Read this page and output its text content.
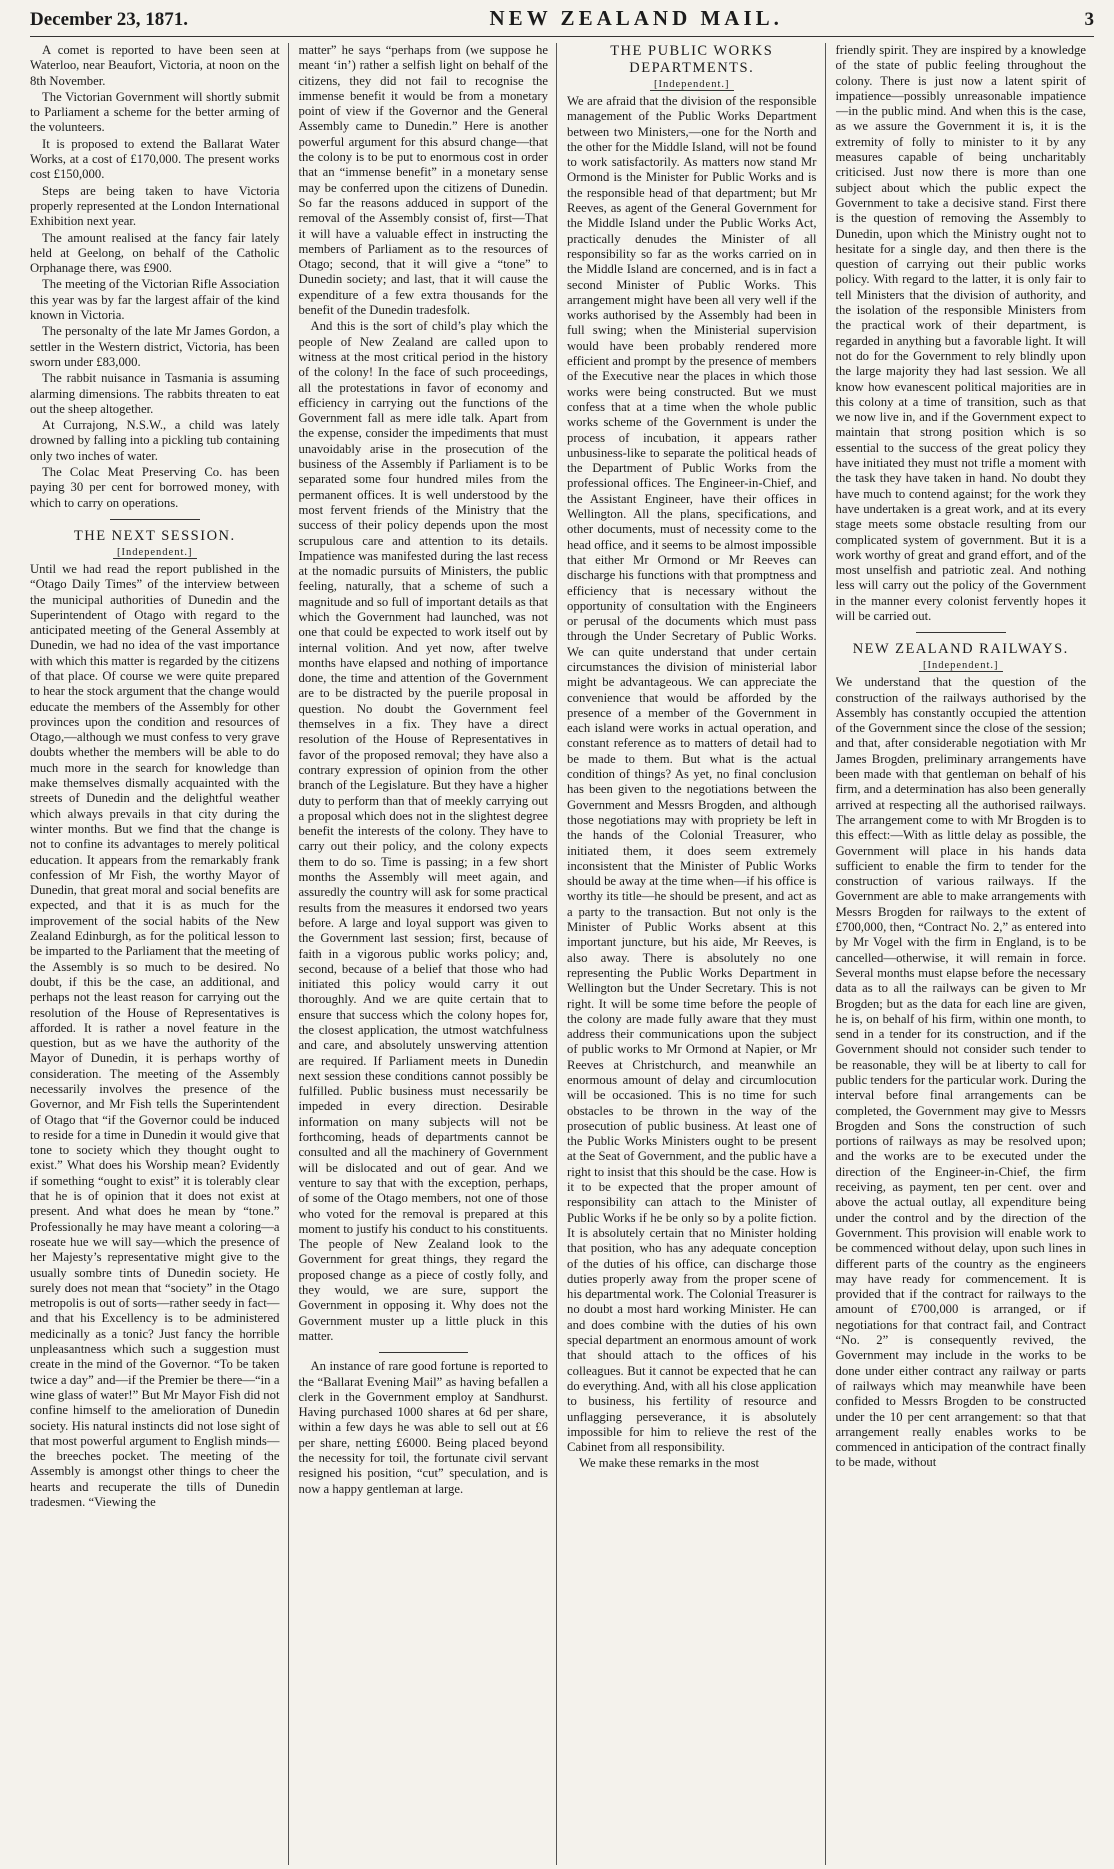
December 23, 1871.	NEW ZEALAND MAIL.	3

A comet is reported to have been seen at Waterloo, near Beaufort, Victoria, at noon on the 8th November.

The Victorian Government will shortly submit to Parliament a scheme for the better arming of the volunteers.

It is proposed to extend the Ballarat Water Works, at a cost of £170,000. The present works cost £150,000.

Steps are being taken to have Victoria properly represented at the London International Exhibition next year.

The amount realised at the fancy fair lately held at Geelong, on behalf of the Catholic Orphanage there, was £900.

The meeting of the Victorian Rifle Association this year was by far the largest affair of the kind known in Victoria.

The personalty of the late Mr James Gordon, a settler in the Western district, Victoria, has been sworn under £83,000.

The rabbit nuisance in Tasmania is assuming alarming dimensions. The rabbits threaten to eat out the sheep altogether.

At Currajong, N.S.W., a child was lately drowned by falling into a pickling tub containing only two inches of water.

The Colac Meat Preserving Co. has been paying 30 per cent for borrowed money, with which to carry on operations.

THE NEXT SESSION.
[Independent.]

Until we had read the report published in the “Otago Daily Times” of the interview between the municipal authorities of Dunedin and the Superintendent of Otago with regard to the anticipated meeting of the General Assembly at Dunedin, we had no idea of the vast importance with which this matter is regarded by the citizens of that place. Of course we were quite prepared to hear the stock argument that the change would educate the members of the Assembly for other provinces upon the condition and resources of Otago,—although we must confess to very grave doubts whether the members will be able to do much more in the search for knowledge than make themselves dismally acquainted with the streets of Dunedin and the delightful weather which always prevails in that city during the winter months. But we find that the change is not to confine its advantages to merely political education. It appears from the remarkably frank confession of Mr Fish, the worthy Mayor of Dunedin, that great moral and social benefits are expected, and that it is as much for the improvement of the social habits of the New Zealand Edinburgh, as for the political lesson to be imparted to the Parliament that the meeting of the Assembly is so much to be desired. No doubt, if this be the case, an additional, and perhaps not the least reason for carrying out the resolution of the House of Representatives is afforded. It is rather a novel feature in the question, but as we have the authority of the Mayor of Dunedin, it is perhaps worthy of consideration. The meeting of the Assembly necessarily involves the presence of the Governor, and Mr Fish tells the Superintendent of Otago that “if the Governor could be induced to reside for a time in Dunedin it would give that tone to society which they thought ought to exist.” What does his Worship mean? Evidently if something “ought to exist” it is tolerably clear that he is of opinion that it does not exist at present. And what does he mean by “tone.” Professionally he may have meant a coloring—a roseate hue we will say—which the presence of her Majesty’s representative might give to the usually sombre tints of Dunedin society. He surely does not mean that “society” in the Otago metropolis is out of sorts—rather seedy in fact—and that his Excellency is to be administered medicinally as a tonic? Just fancy the horrible unpleasantness which such a suggestion must create in the mind of the Governor. “To be taken twice a day” and—if the Premier be there—“in a wine glass of water!” But Mr Mayor Fish did not confine himself to the amelioration of Dunedin society. His natural instincts did not lose sight of that most powerful argument to English minds—the breeches pocket. The meeting of the Assembly is amongst other things to cheer the hearts and recuperate the tills of Dunedin tradesmen. “Viewing the

matter” he says “perhaps from (we suppose he meant ‘in’) rather a selfish light on behalf of the citizens, they did not fail to recognise the immense benefit it would be from a monetary point of view if the Governor and the General Assembly came to Dunedin.” Here is another powerful argument for this absurd change—that the colony is to be put to enormous cost in order that an “immense benefit” in a monetary sense may be conferred upon the citizens of Dunedin. So far the reasons adduced in support of the removal of the Assembly consist of, first—That it will have a valuable effect in instructing the members of Parliament as to the resources of Otago; second, that it will give a “tone” to Dunedin society; and last, that it will cause the expenditure of a few extra thousands for the benefit of the Dunedin tradesfolk.

And this is the sort of child’s play which the people of New Zealand are called upon to witness at the most critical period in the history of the colony! In the face of such proceedings, all the protestations in favor of economy and efficiency in carrying out the functions of the Government fall as mere idle talk. Apart from the expense, consider the impediments that must unavoidably arise in the prosecution of the business of the Assembly if Parliament is to be separated some four hundred miles from the permanent offices. It is well understood by the most fervent friends of the Ministry that the success of their policy depends upon the most scrupulous care and attention to its details. Impatience was manifested during the last recess at the nomadic pursuits of Ministers, the public feeling, naturally, that a scheme of such a magnitude and so full of important details as that which the Government had launched, was not one that could be expected to work itself out by internal volition. And yet now, after twelve months have elapsed and nothing of importance done, the time and attention of the Government are to be distracted by the puerile proposal in question. No doubt the Government feel themselves in a fix. They have a direct resolution of the House of Representatives in favor of the proposed removal; they have also a contrary expression of opinion from the other branch of the Legislature. But they have a higher duty to perform than that of meekly carrying out a proposal which does not in the slightest degree benefit the interests of the colony. They have to carry out their policy, and the colony expects them to do so. Time is passing; in a few short months the Assembly will meet again, and assuredly the country will ask for some practical results from the measures it endorsed two years before. A large and loyal support was given to the Government last session; first, because of faith in a vigorous public works policy; and, second, because of a belief that those who had initiated this policy would carry it out thoroughly. And we are quite certain that to ensure that success which the colony hopes for, the closest application, the utmost watchfulness and care, and absolutely unswerving attention are required. If Parliament meets in Dunedin next session these conditions cannot possibly be fulfilled. Public business must necessarily be impeded in every direction. Desirable information on many subjects will not be forthcoming, heads of departments cannot be consulted and all the machinery of Government will be dislocated and out of gear. And we venture to say that with the exception, perhaps, of some of the Otago members, not one of those who voted for the removal is prepared at this moment to justify his conduct to his constituents. The people of New Zealand look to the Government for great things, they regard the proposed change as a piece of costly folly, and they would, we are sure, support the Government in opposing it. Why does not the Government muster up a little pluck in this matter.

An instance of rare good fortune is reported to the “Ballarat Evening Mail” as having befallen a clerk in the Government employ at Sandhurst. Having purchased 1000 shares at 6d per share, within a few days he was able to sell out at £6 per share, netting £6000. Being placed beyond the necessity for toil, the fortunate civil servant resigned his position, “cut” speculation, and is now a happy gentleman at large.

THE PUBLIC WORKS DEPARTMENTS.
[Independent.]

We are afraid that the division of the responsible management of the Public Works Department between two Ministers,—one for the North and the other for the Middle Island, will not be found to work satisfactorily. As matters now stand Mr Ormond is the Minister for Public Works and is the responsible head of that department; but Mr Reeves, as agent of the General Government for the Middle Island under the Public Works Act, practically denudes the Minister of all responsibility so far as the works carried on in the Middle Island are concerned, and is in fact a second Minister of Public Works. This arrangement might have been all very well if the works authorised by the Assembly had been in full swing; when the Ministerial supervision would have been probably rendered more efficient and prompt by the presence of members of the Executive near the places in which those works were being constructed. But we must confess that at a time when the whole public works scheme of the Government is under the process of incubation, it appears rather unbusiness-like to separate the political heads of the Department of Public Works from the professional offices. The Engineer-in-Chief, and the Assistant Engineer, have their offices in Wellington. All the plans, specifications, and other documents, must of necessity come to the head office, and it seems to be almost impossible that either Mr Ormond or Mr Reeves can discharge his functions with that promptness and efficiency that is necessary without the opportunity of consultation with the Engineers or perusal of the documents which must pass through the Under Secretary of Public Works. We can quite understand that under certain circumstances the division of ministerial labor might be advantageous. We can appreciate the convenience that would be afforded by the presence of a member of the Government in each island were works in actual operation, and constant reference as to matters of detail had to be made to them. But what is the actual condition of things? As yet, no final conclusion has been given to the negotiations between the Government and Messrs Brogden, and although those negotiations may with propriety be left in the hands of the Colonial Treasurer, who initiated them, it does seem extremely inconsistent that the Minister of Public Works should be away at the time when—if his office is worthy its title—he should be present, and act as a party to the transaction. But not only is the Minister of Public Works absent at this important juncture, but his aide, Mr Reeves, is also away. There is absolutely no one representing the Public Works Department in Wellington but the Under Secretary. This is not right. It will be some time before the people of the colony are made fully aware that they must address their communications upon the subject of public works to Mr Ormond at Napier, or Mr Reeves at Christchurch, and meanwhile an enormous amount of delay and circumlocution will be occasioned. This is no time for such obstacles to be thrown in the way of the prosecution of public business. At least one of the Public Works Ministers ought to be present at the Seat of Government, and the public have a right to insist that this should be the case. How is it to be expected that the proper amount of responsibility can attach to the Minister of Public Works if he be only so by a polite fiction. It is absolutely certain that no Minister holding that position, who has any adequate conception of the duties of his office, can discharge those duties properly away from the proper scene of his departmental work. The Colonial Treasurer is no doubt a most hard working Minister. He can and does combine with the duties of his own special department an enormous amount of work that should attach to the offices of his colleagues. But it cannot be expected that he can do everything. And, with all his close application to business, his fertility of resource and unflagging perseverance, it is absolutely impossible for him to relieve the rest of the Cabinet from all responsibility.

We make these remarks in the most

friendly spirit. They are inspired by a knowledge of the state of public feeling throughout the colony. There is just now a latent spirit of impatience—possibly unreasonable impatience—in the public mind. And when this is the case, as we assure the Government it is, it is the extremity of folly to minister to it by any measures capable of being uncharitably criticised. Just now there is more than one subject about which the public expect the Government to take a decisive stand. First there is the question of removing the Assembly to Dunedin, upon which the Ministry ought not to hesitate for a single day, and then there is the question of carrying out their public works policy. With regard to the latter, it is only fair to tell Ministers that the division of authority, and the isolation of the responsible Ministers from the practical work of their department, is regarded in anything but a favorable light. It will not do for the Government to rely blindly upon the large majority they had last session. We all know how evanescent political majorities are in this colony at a time of transition, such as that we now live in, and if the Government expect to maintain that strong position which is so essential to the success of the great policy they have initiated they must not trifle a moment with the task they have taken in hand. No doubt they have much to contend against; for the work they have undertaken is a great work, and at its every stage meets some obstacle resulting from our complicated system of government. But it is a work worthy of great and grand effort, and of the most unselfish and patriotic zeal. And nothing less will carry out the policy of the Government in the manner every colonist fervently hopes it will be carried out.

NEW ZEALAND RAILWAYS.
[Independent.]

We understand that the question of the construction of the railways authorised by the Assembly has constantly occupied the attention of the Government since the close of the session; and that, after considerable negotiation with Mr James Brogden, preliminary arrangements have been made with that gentleman on behalf of his firm, and a determination has also been generally arrived at respecting all the authorised railways. The arrangement come to with Mr Brogden is to this effect:—With as little delay as possible, the Government will place in his hands data sufficient to enable the firm to tender for the construction of various railways. If the Government are able to make arrangements with Messrs Brogden for railways to the extent of £700,000, then, “Contract No. 2,” as entered into by Mr Vogel with the firm in England, is to be cancelled—otherwise, it will remain in force. Several months must elapse before the necessary data as to all the railways can be given to Mr Brogden; but as the data for each line are given, he is, on behalf of his firm, within one month, to send in a tender for its construction, and if the Government should not consider such tender to be reasonable, they will be at liberty to call for public tenders for the particular work. During the interval before final arrangements can be completed, the Government may give to Messrs Brogden and Sons the construction of such portions of railways as may be resolved upon; and the works are to be executed under the direction of the Engineer-in-Chief, the firm receiving, as payment, ten per cent. over and above the actual outlay, all expenditure being under the control and by the direction of the Government. This provision will enable work to be commenced without delay, upon such lines in different parts of the country as the engineers may have ready for commencement. It is provided that if the contract for railways to the amount of £700,000 is arranged, or if negotiations for that contract fail, and Contract “No. 2” is consequently revived, the Government may include in the works to be done under either contract any railway or parts of railways which may meanwhile have been confided to Messrs Brogden to be constructed under the 10 per cent arrangement: so that that arrangement really enables works to be commenced in anticipation of the contract finally to be made, without
